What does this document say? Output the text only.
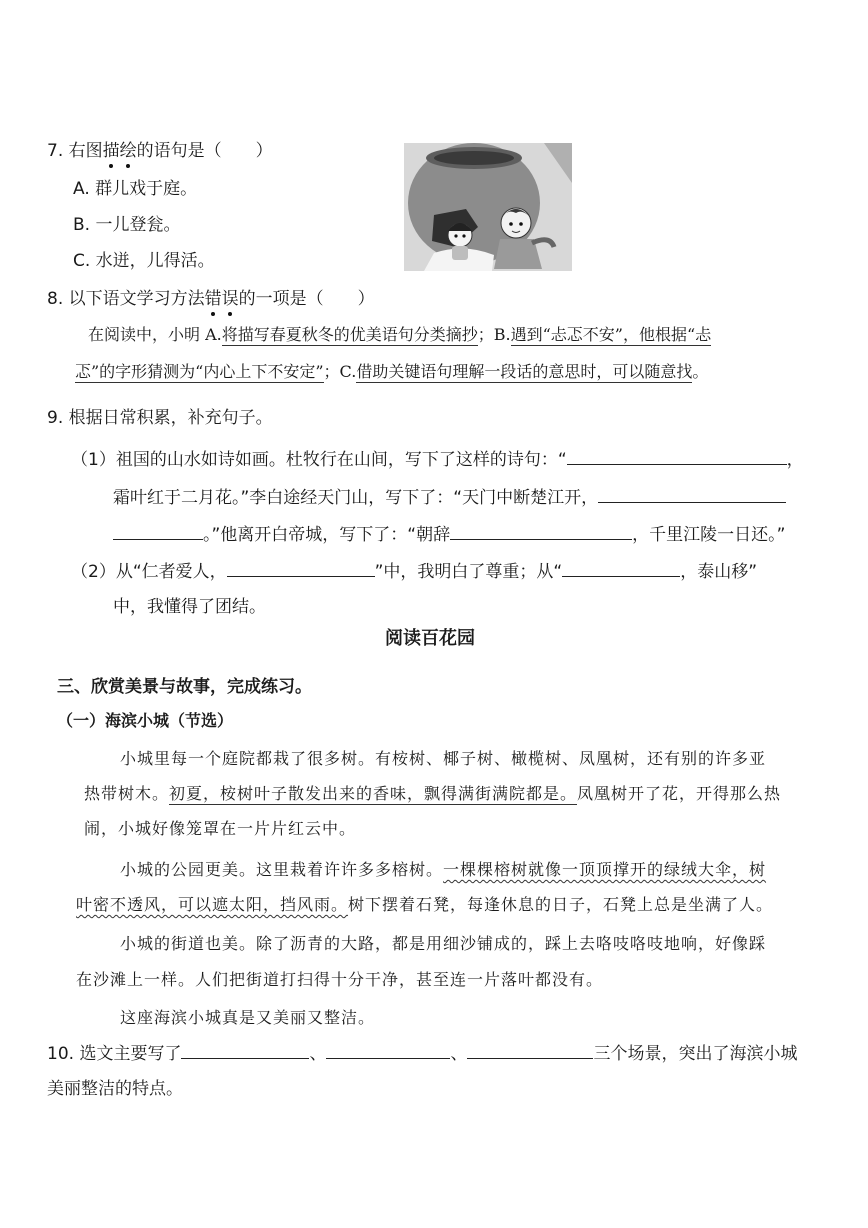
7. 右图描绘的语句是（　　）
A. 群儿戏于庭。
B. 一儿登瓮。
C. 水迸，儿得活。
8. 以下语文学习方法错误的一项是（　　）
在阅读中，小明 A.将描写春夏秋冬的优美语句分类摘抄；B.遇到“忐忑不安”，他根据“忐
忑”的字形猜测为“内心上下不安定”；C.借助关键语句理解一段话的意思时，可以随意找。
9. 根据日常积累，补充句子。
（1）祖国的山水如诗如画。杜牧行在山间，写下了这样的诗句：“	，
霜叶红于二月花。”李白途经天门山，写下了：“天门中断楚江开，
。”他离开白帝城，写下了：“朝辞	，千里江陵一日还。”
（2）从“仁者爱人，	”中，我明白了尊重；从“	，泰山移”
中，我懂得了团结。
阅读百花园
三、欣赏美景与故事，完成练习。
（一）海滨小城（节选）
小城里每一个庭院都栽了很多树。有桉树、椰子树、橄榄树、凤凰树，还有别的许多亚
热带树木。初夏，桉树叶子散发出来的香味，飘得满街满院都是。凤凰树开了花，开得那么热
闹，小城好像笼罩在一片片红云中。
小城的公园更美。这里栽着许许多多榕树。一棵棵榕树就像一顶顶撑开的绿绒大伞，树
叶密不透风，可以遮太阳，挡风雨。树下摆着石凳，每逢休息的日子，石凳上总是坐满了人。
小城的街道也美。除了沥青的大路，都是用细沙铺成的，踩上去咯吱咯吱地响，好像踩
在沙滩上一样。人们把街道打扫得十分干净，甚至连一片落叶都没有。
这座海滨小城真是又美丽又整洁。
10. 选文主要写了	、	、	三个场景，突出了海滨小城
美丽整洁的特点。
